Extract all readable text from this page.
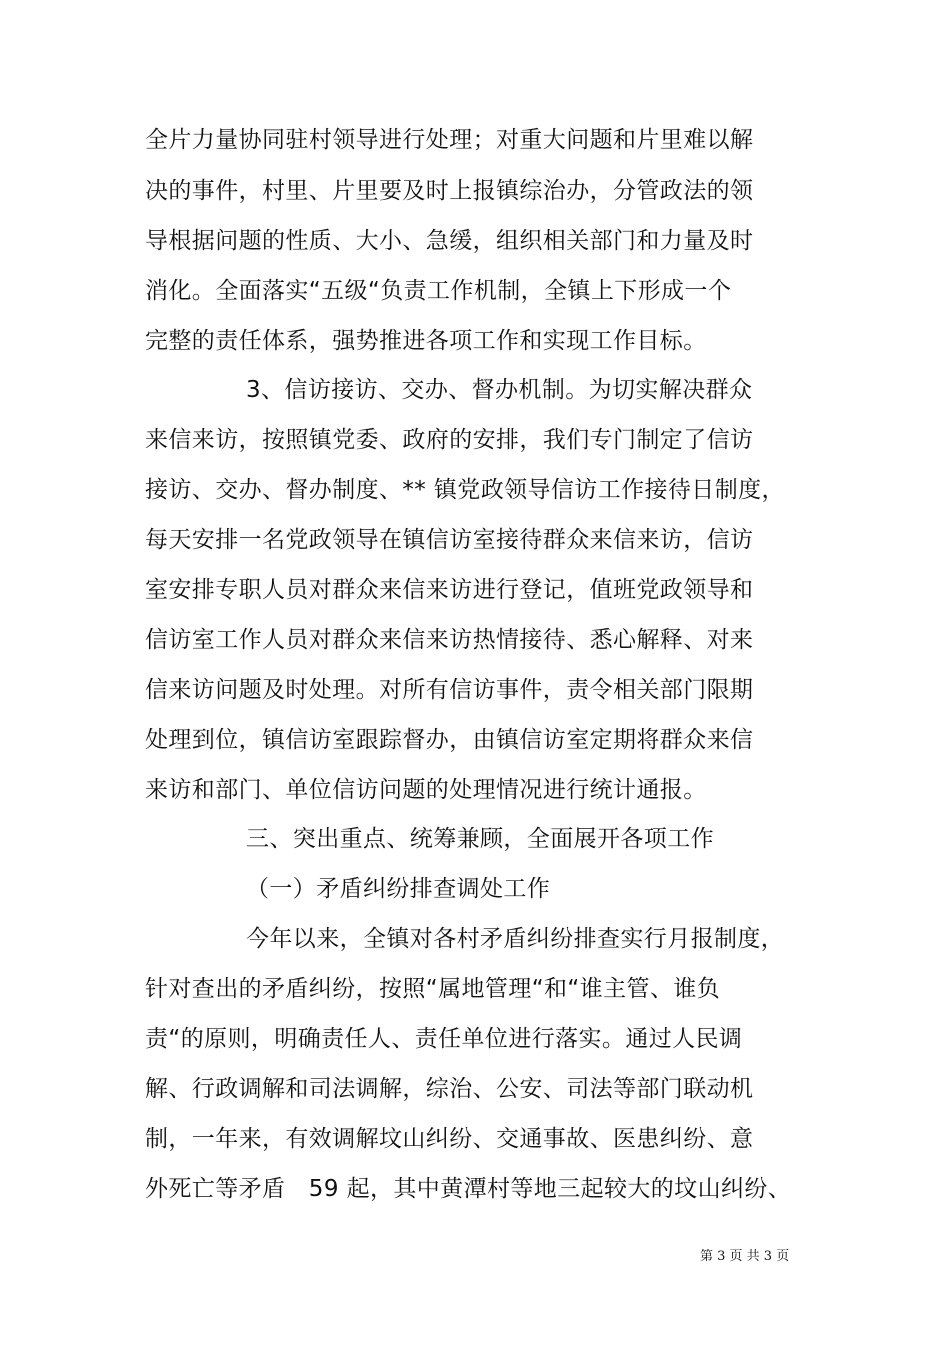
全片力量协同驻村领导进行处理；对重大问题和片里难以解
决的事件，村里、片里要及时上报镇综治办，分管政法的领
导根据问题的性质、大小、急缓，组织相关部门和力量及时
消化。全面落实“五级“负责工作机制，全镇上下形成一个
完整的责任体系，强势推进各项工作和实现工作目标。
3、信访接访、交办、督办机制。为切实解决群众
来信来访，按照镇党委、政府的安排，我们专门制定了信访
接访、交办、督办制度、** 镇党政领导信访工作接待日制度，
每天安排一名党政领导在镇信访室接待群众来信来访，信访
室安排专职人员对群众来信来访进行登记，值班党政领导和
信访室工作人员对群众来信来访热情接待、悉心解释、对来
信来访问题及时处理。对所有信访事件，责令相关部门限期
处理到位，镇信访室跟踪督办，由镇信访室定期将群众来信
来访和部门、单位信访问题的处理情况进行统计通报。
三、突出重点、统筹兼顾，全面展开各项工作
（一）矛盾纠纷排查调处工作
今年以来，全镇对各村矛盾纠纷排查实行月报制度，
针对查出的矛盾纠纷，按照“属地管理“和“谁主管、谁负
责“的原则，明确责任人、责任单位进行落实。通过人民调
解、行政调解和司法调解，综治、公安、司法等部门联动机
制，一年来，有效调解坟山纠纷、交通事故、医患纠纷、意
外死亡等矛盾　59 起，其中黄潭村等地三起较大的坟山纠纷、
第 3 页 共 3 页
